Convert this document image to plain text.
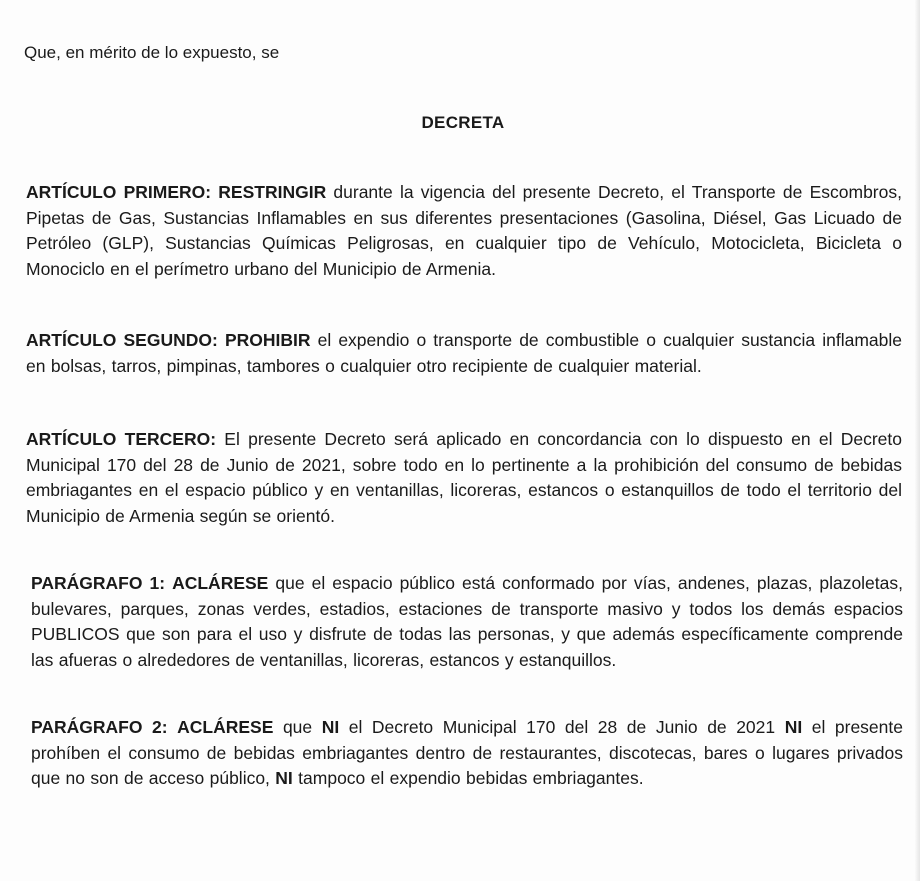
Que, en mérito de lo expuesto, se
DECRETA

ARTÍCULO PRIMERO: RESTRINGIR durante la vigencia del presente Decreto, el Transporte de Escombros, Pipetas de Gas, Sustancias Inflamables en sus diferentes presentaciones (Gasolina, Diésel, Gas Licuado de Petróleo (GLP), Sustancias Químicas Peligrosas, en cualquier tipo de Vehículo, Motocicleta, Bicicleta o Monociclo en el perímetro urbano del Municipio de Armenia.

ARTÍCULO SEGUNDO: PROHIBIR el expendio o transporte de combustible o cualquier sustancia inflamable en bolsas, tarros, pimpinas, tambores o cualquier otro recipiente de cualquier material.

ARTÍCULO TERCERO: El presente Decreto será aplicado en concordancia con lo dispuesto en el Decreto Municipal 170 del 28 de Junio de 2021, sobre todo en lo pertinente a la prohibición del consumo de bebidas embriagantes en el espacio público y en ventanillas, licoreras, estancos o estanquillos de todo el territorio del Municipio de Armenia según se orientó.

PARÁGRAFO 1: ACLÁRESE que el espacio público está conformado por vías, andenes, plazas, plazoletas, bulevares, parques, zonas verdes, estadios, estaciones de transporte masivo y todos los demás espacios PUBLICOS que son para el uso y disfrute de todas las personas, y que además específicamente comprende las afueras o alrededores de ventanillas, licoreras, estancos y estanquillos.

PARÁGRAFO 2: ACLÁRESE que NI el Decreto Municipal 170 del 28 de Junio de 2021 NI el presente prohíben el consumo de bebidas embriagantes dentro de restaurantes, discotecas, bares o lugares privados que no son de acceso público, NI tampoco el expendio bebidas embriagantes.
